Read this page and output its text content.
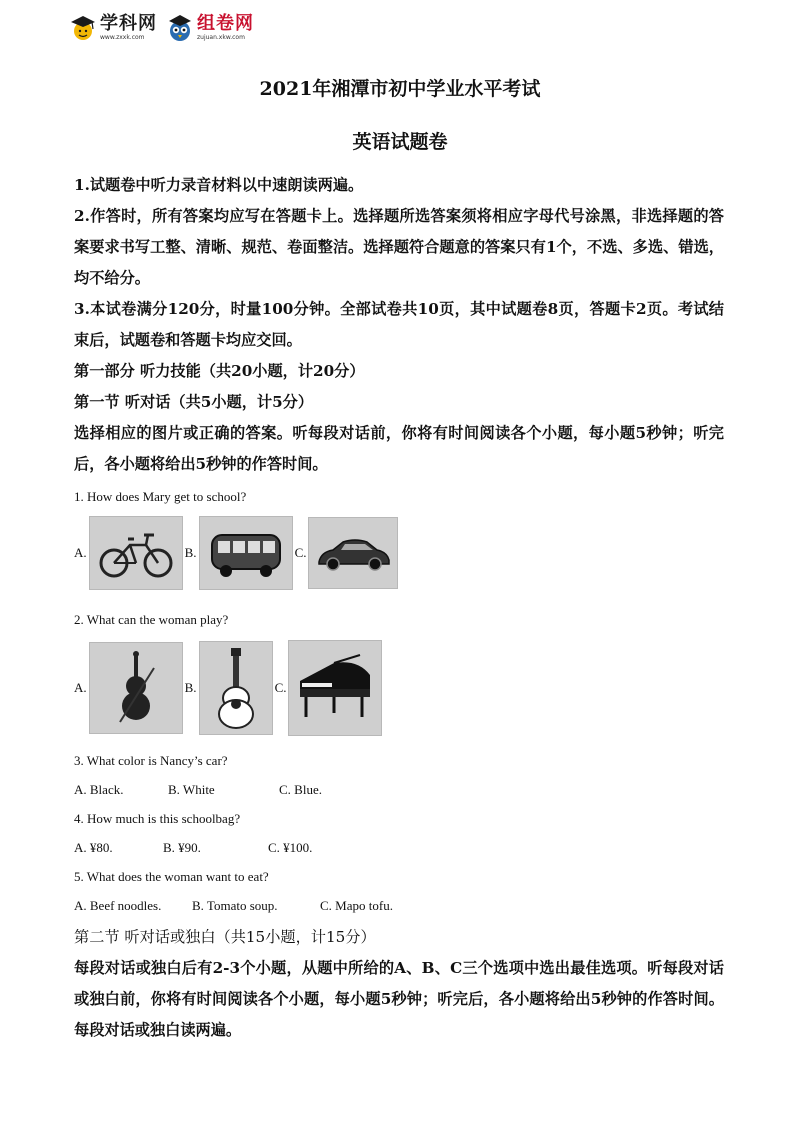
学科网
www.zxxk.com
组卷网
zujuan.xkw.com
2021年湘潭市初中学业水平考试
英语试题卷

1.试题卷中听力录音材料以中速朗读两遍。

2.作答时，所有答案均应写在答题卡上。选择题所选答案须将相应字母代号涂黑，非选择题的答案要求书写工整、清晰、规范、卷面整洁。选择题符合题意的答案只有1个，不选、多选、错选，均不给分。

3.本试卷满分120分，时量100分钟。全部试卷共10页，其中试题卷8页，答题卡2页。考试结束后，试题卷和答题卡均应交回。

第一部分 听力技能（共20小题，计20分）

第一节 听对话（共5小题，计5分）

选择相应的图片或正确的答案。听每段对话前，你将有时间阅读各个小题，每小题5秒钟；听完后，各小题将给出5秒钟的作答时间。

1. How does Mary get to school?

A.	B.	C.

2. What can the woman play?

A.	B.	C.

3. What color is Nancy’s car?

A. Black.	B. White	C. Blue.

4. How much is this schoolbag?

A. ¥80.	B. ¥90.	C. ¥100.

5. What does the woman want to eat?

A. Beef noodles.	B. Tomato soup.	C. Mapo tofu.

第二节 听对话或独白（共15小题，计15分）

每段对话或独白后有2-3个小题，从题中所给的A、B、C三个选项中选出最佳选项。听每段对话或独白前，你将有时间阅读各个小题，每小题5秒钟；听完后，各小题将给出5秒钟的作答时间。每段对话或独白读两遍。
